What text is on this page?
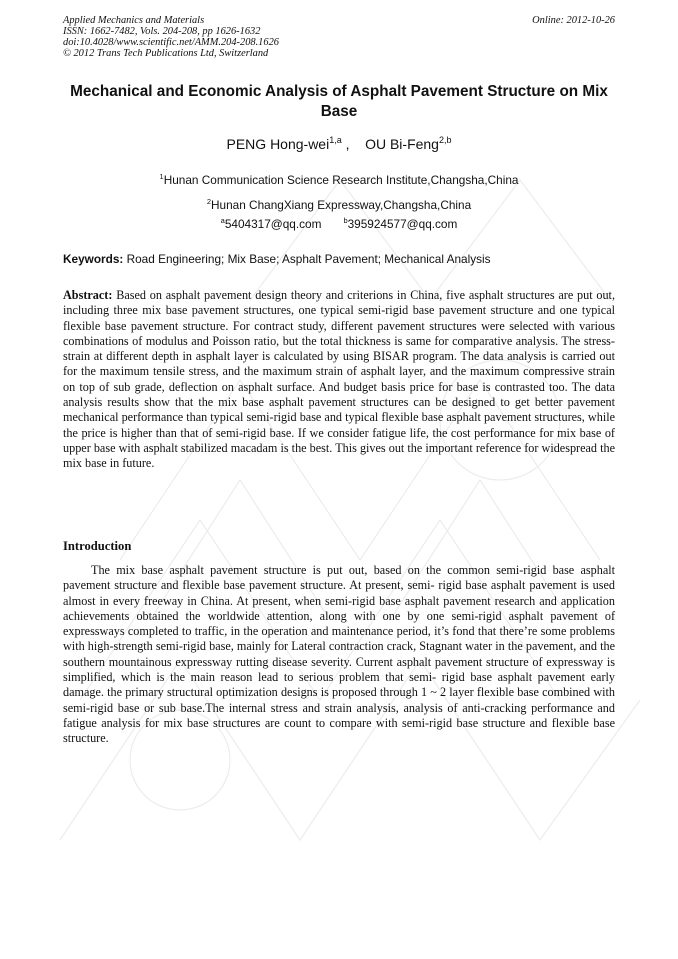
Applied Mechanics and Materials
ISSN: 1662-7482, Vols. 204-208, pp 1626-1632
doi:10.4028/www.scientific.net/AMM.204-208.1626
© 2012 Trans Tech Publications Ltd, Switzerland
Online: 2012-10-26
Mechanical and Economic Analysis of Asphalt Pavement Structure on Mix Base
PENG Hong-wei$^{1,a}$ , OU Bi-Feng$^{2,b}$
$^1$Hunan Communication Science Research Institute,Changsha,China
$^2$Hunan ChangXiang Expressway,Changsha,China
$^a$5404317@qq.com	$^b$395924577@qq.com
Keywords: Road Engineering; Mix Base; Asphalt Pavement; Mechanical Analysis
Abstract: Based on asphalt pavement design theory and criterions in China, five asphalt structures are put out, including three mix base pavement structures, one typical semi-rigid base pavement structure and one typical flexible base pavement structure. For contract study, different pavement structures were selected with various combinations of modulus and Poisson ratio, but the total thickness is same for comparative analysis. The stress-strain at different depth in asphalt layer is calculated by using BISAR program. The data analysis is carried out for the maximum tensile stress, and the maximum strain of asphalt layer, and the maximum compressive strain on top of sub grade, deflection on asphalt surface. And budget basis price for base is contrasted too. The data analysis results show that the mix base asphalt pavement structures can be designed to get better pavement mechanical performance than typical semi-rigid base and typical flexible base asphalt pavement structures, while the price is higher than that of semi-rigid base. If we consider fatigue life, the cost performance for mix base of upper base with asphalt stabilized macadam is the best. This gives out the important reference for widespread the mix base in future.
Introduction
The mix base asphalt pavement structure is put out, based on the common semi-rigid base asphalt pavement structure and flexible base pavement structure. At present, semi- rigid base asphalt pavement is used almost in every freeway in China. At present, when semi-rigid base asphalt pavement research and application achievements obtained the worldwide attention, along with one by one semi-rigid asphalt pavement of expressways completed to traffic, in the operation and maintenance period, it’s fond that there’re some problems with high-strength semi-rigid base, mainly for Lateral contraction crack, Stagnant water in the pavement, and the southern mountainous expressway rutting disease severity. Current asphalt pavement structure of expressway is simplified, which is the main reason lead to serious problem that semi- rigid base asphalt pavement early damage. the primary structural optimization designs is proposed through 1 ~ 2 layer flexible base combined with semi-rigid base or sub base.The internal stress and strain analysis, analysis of anti-cracking performance and fatigue analysis for mix base structures are count to compare with semi-rigid base structure and flexible base structure.
